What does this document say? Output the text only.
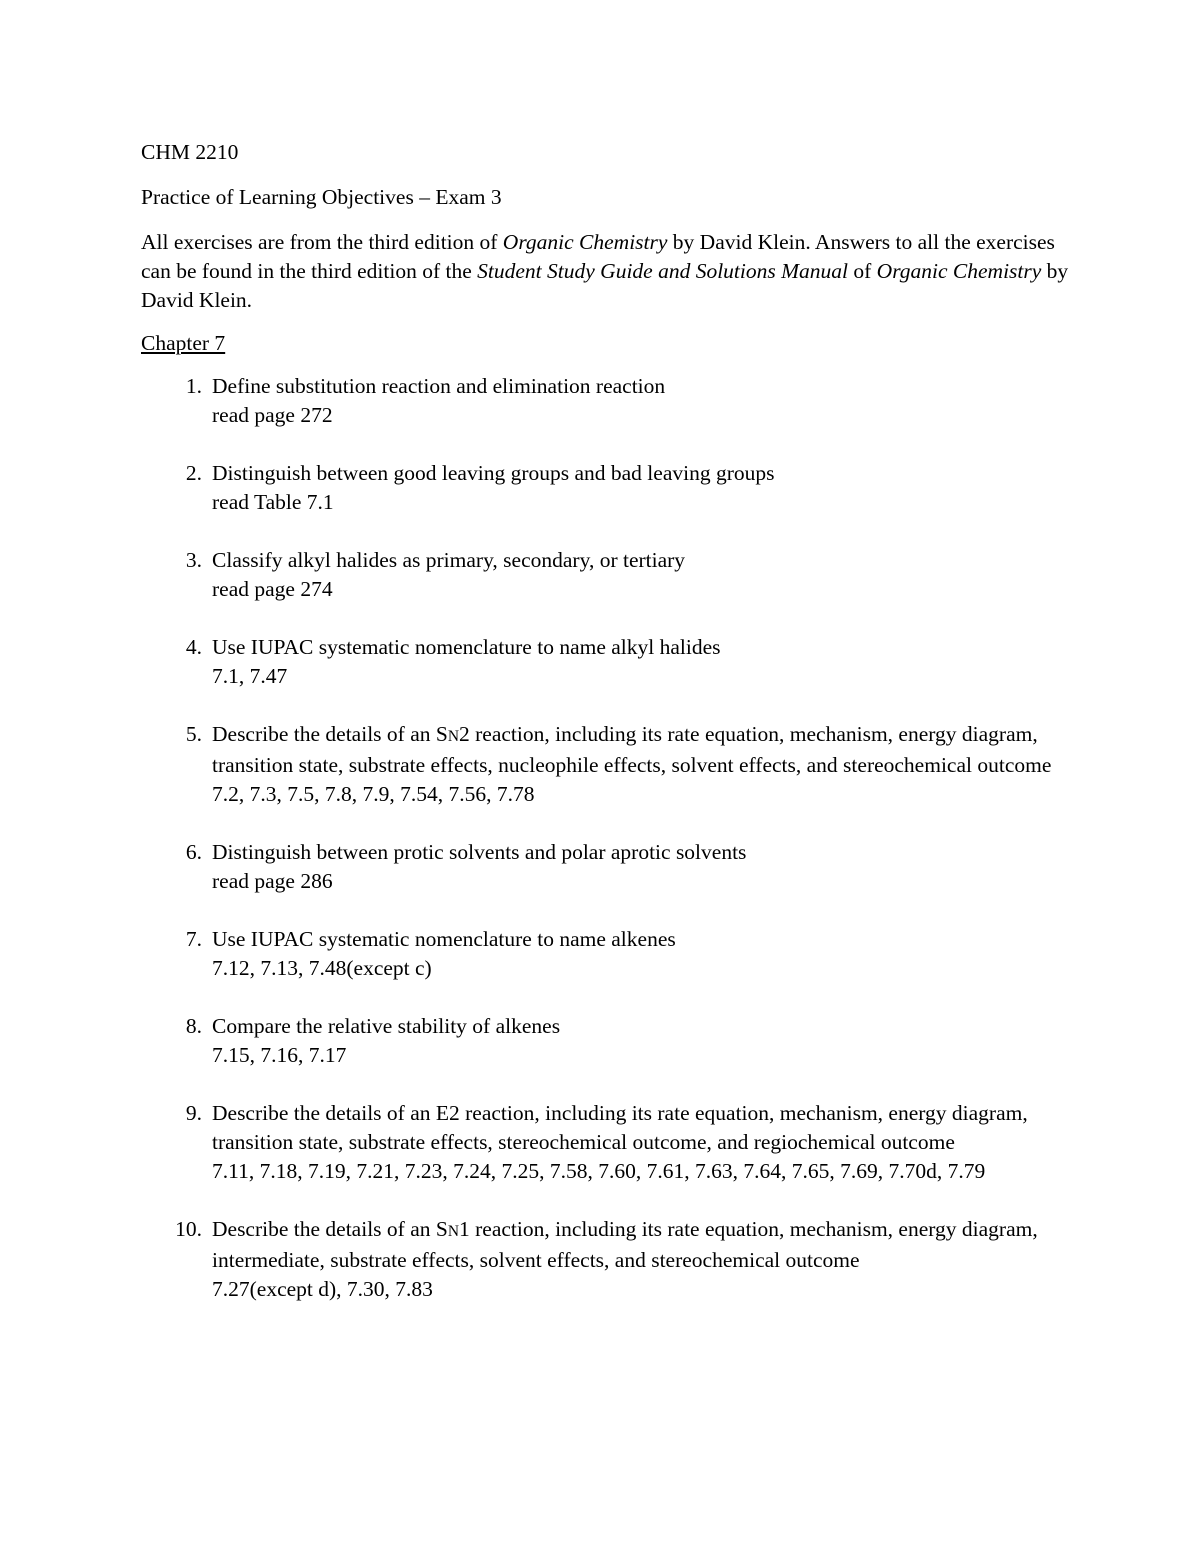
CHM 2210

Practice of Learning Objectives – Exam 3

All exercises are from the third edition of Organic Chemistry by David Klein. Answers to all the exercises can be found in the third edition of the Student Study Guide and Solutions Manual of Organic Chemistry by David Klein.

Chapter 7

1. Define substitution reaction and elimination reaction
read page 272
2. Distinguish between good leaving groups and bad leaving groups
read Table 7.1
3. Classify alkyl halides as primary, secondary, or tertiary
read page 274
4. Use IUPAC systematic nomenclature to name alkyl halides
7.1, 7.47
5. Describe the details of an SN2 reaction, including its rate equation, mechanism, energy diagram, transition state, substrate effects, nucleophile effects, solvent effects, and stereochemical outcome
7.2, 7.3, 7.5, 7.8, 7.9, 7.54, 7.56, 7.78
6. Distinguish between protic solvents and polar aprotic solvents
read page 286
7. Use IUPAC systematic nomenclature to name alkenes
7.12, 7.13, 7.48(except c)
8. Compare the relative stability of alkenes
7.15, 7.16, 7.17
9. Describe the details of an E2 reaction, including its rate equation, mechanism, energy diagram, transition state, substrate effects, stereochemical outcome, and regiochemical outcome
7.11, 7.18, 7.19, 7.21, 7.23, 7.24, 7.25, 7.58, 7.60, 7.61, 7.63, 7.64, 7.65, 7.69, 7.70d, 7.79
10. Describe the details of an SN1 reaction, including its rate equation, mechanism, energy diagram, intermediate, substrate effects, solvent effects, and stereochemical outcome
7.27(except d), 7.30, 7.83
